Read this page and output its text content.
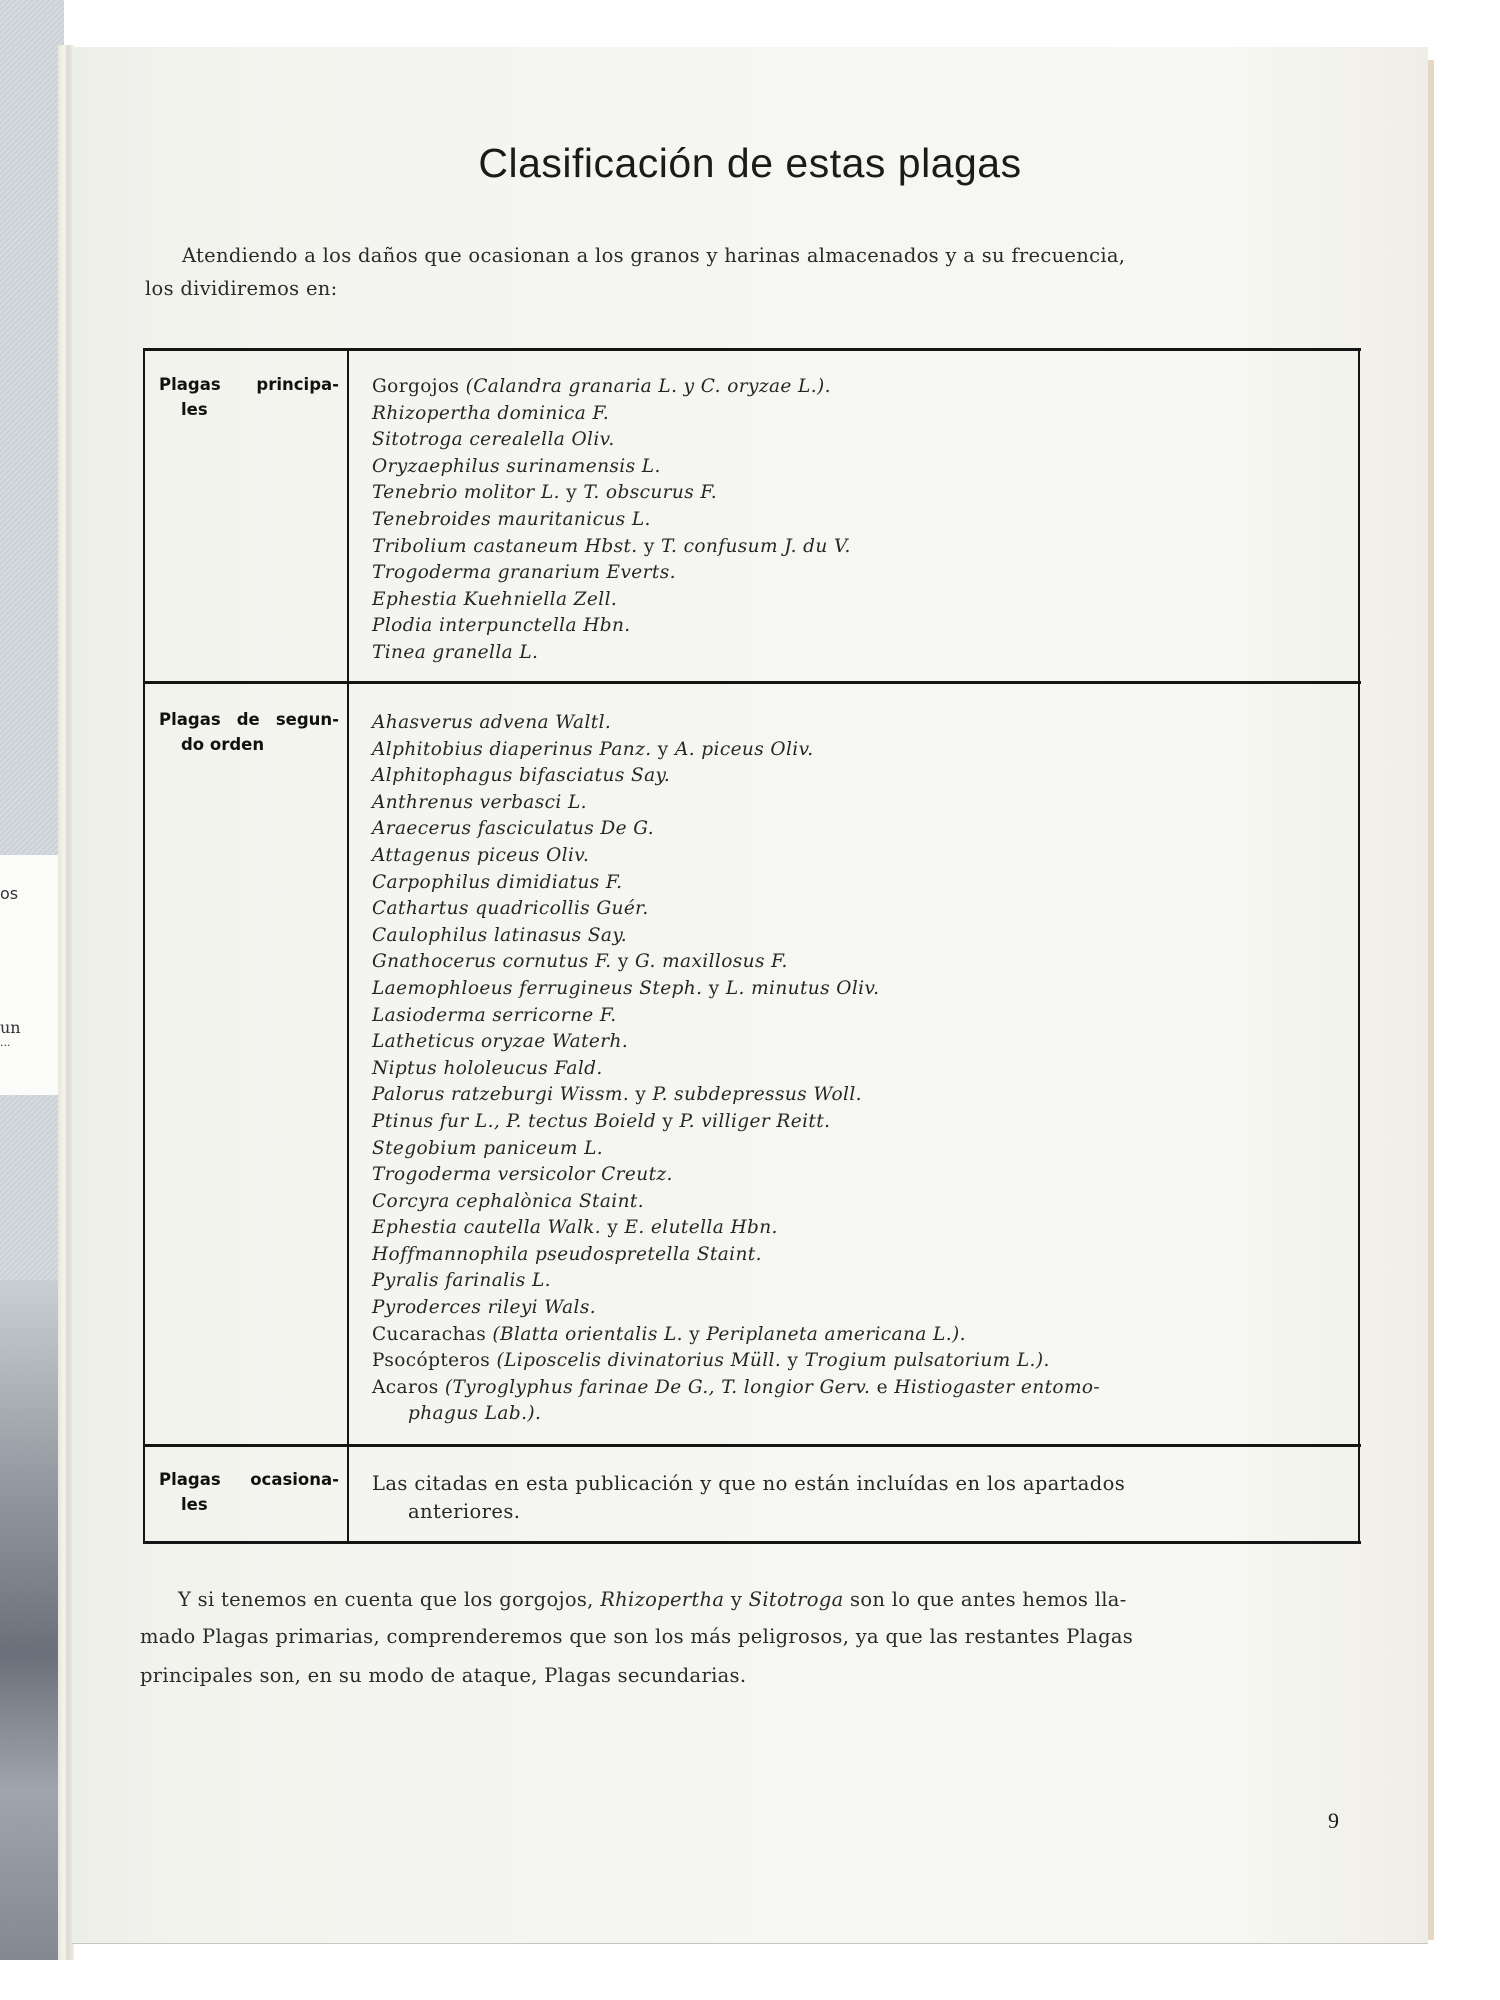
os
un
...
Clasificación de estas plagas
Atendiendo a los daños que ocasionan a los granos y harinas almacenados y a su frecuencia,
los dividiremos en:
Plagas principa-
les
Gorgojos (Calandra granaria L. y C. oryzae L.).
Rhizopertha dominica F.
Sitotroga cerealella Oliv.
Oryzaephilus surinamensis L.
Tenebrio molitor L. y T. obscurus F.
Tenebroides mauritanicus L.
Tribolium castaneum Hbst. y T. confusum J. du V.
Trogoderma granarium Everts.
Ephestia Kuehniella Zell.
Plodia interpunctella Hbn.
Tinea granella L.
Plagas de segun-
do orden
Ahasverus advena Waltl.
Alphitobius diaperinus Panz. y A. piceus Oliv.
Alphitophagus bifasciatus Say.
Anthrenus verbasci L.
Araecerus fasciculatus De G.
Attagenus piceus Oliv.
Carpophilus dimidiatus F.
Cathartus quadricollis Guér.
Caulophilus latinasus Say.
Gnathocerus cornutus F. y G. maxillosus F.
Laemophloeus ferrugineus Steph. y L. minutus Oliv.
Lasioderma serricorne F.
Latheticus oryzae Waterh.
Niptus hololeucus Fald.
Palorus ratzeburgi Wissm. y P. subdepressus Woll.
Ptinus fur L., P. tectus Boield y P. villiger Reitt.
Stegobium paniceum L.
Trogoderma versicolor Creutz.
Corcyra cephalònica Staint.
Ephestia cautella Walk. y E. elutella Hbn.
Hoffmannophila pseudospretella Staint.
Pyralis farinalis L.
Pyroderces rileyi Wals.
Cucarachas (Blatta orientalis L. y Periplaneta americana L.).
Psocópteros (Liposcelis divinatorius Müll. y Trogium pulsatorium L.).
Acaros (Tyroglyphus farinae De G., T. longior Gerv. e Histiogaster entomo-
phagus Lab.).
Plagas ocasiona-
les
Las citadas en esta publicación y que no están incluídas en los apartados
anteriores.
Y si tenemos en cuenta que los gorgojos, Rhizopertha y Sitotroga son lo que antes hemos lla-
mado Plagas primarias, comprenderemos que son los más peligrosos, ya que las restantes Plagas
principales son, en su modo de ataque, Plagas secundarias.
9
